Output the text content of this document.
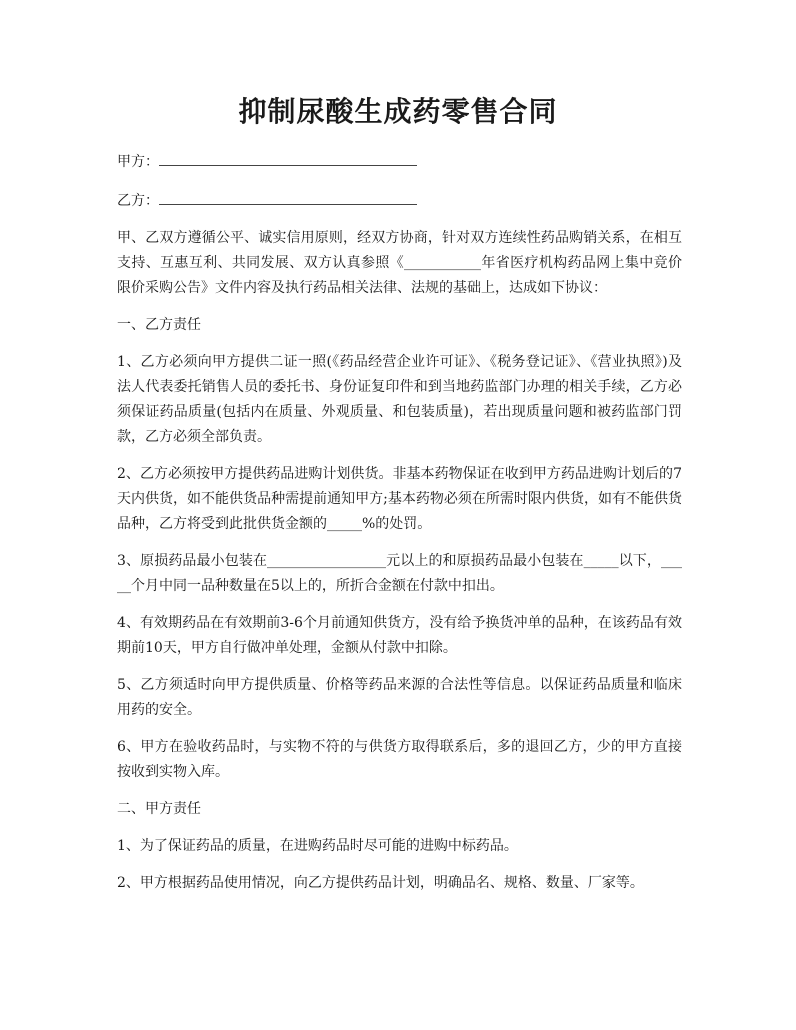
抑制尿酸生成药零售合同
甲方：
乙方：

甲、乙双方遵循公平、诚实信用原则，经双方协商，针对双方连续性药品购销关系，在相互支持、互惠互利、共同发展、双方认真参照《___________年省医疗机构药品网上集中竞价限价采购公告》文件内容及执行药品相关法律、法规的基础上，达成如下协议：

一、乙方责任

1、乙方必须向甲方提供二证一照(《药品经营企业许可证》、《税务登记证》、《营业执照》)及法人代表委托销售人员的委托书、身份证复印件和到当地药监部门办理的相关手续，乙方必须保证药品质量(包括内在质量、外观质量、和包装质量)，若出现质量问题和被药监部门罚款，乙方必须全部负责。

2、乙方必须按甲方提供药品进购计划供货。非基本药物保证在收到甲方药品进购计划后的7天内供货，如不能供货品种需提前通知甲方;基本药物必须在所需时限内供货，如有不能供货品种，乙方将受到此批供货金额的_____%的处罚。

3、原损药品最小包装在_________________元以上的和原损药品最小包装在_____以下，_____个月中同一品种数量在5以上的，所折合金额在付款中扣出。

4、有效期药品在有效期前3-6个月前通知供货方，没有给予换货冲单的品种，在该药品有效期前10天，甲方自行做冲单处理，金额从付款中扣除。

5、乙方须适时向甲方提供质量、价格等药品来源的合法性等信息。以保证药品质量和临床用药的安全。

6、甲方在验收药品时，与实物不符的与供货方取得联系后，多的退回乙方，少的甲方直接按收到实物入库。

二、甲方责任

1、为了保证药品的质量，在进购药品时尽可能的进购中标药品。

2、甲方根据药品使用情况，向乙方提供药品计划，明确品名、规格、数量、厂家等。
